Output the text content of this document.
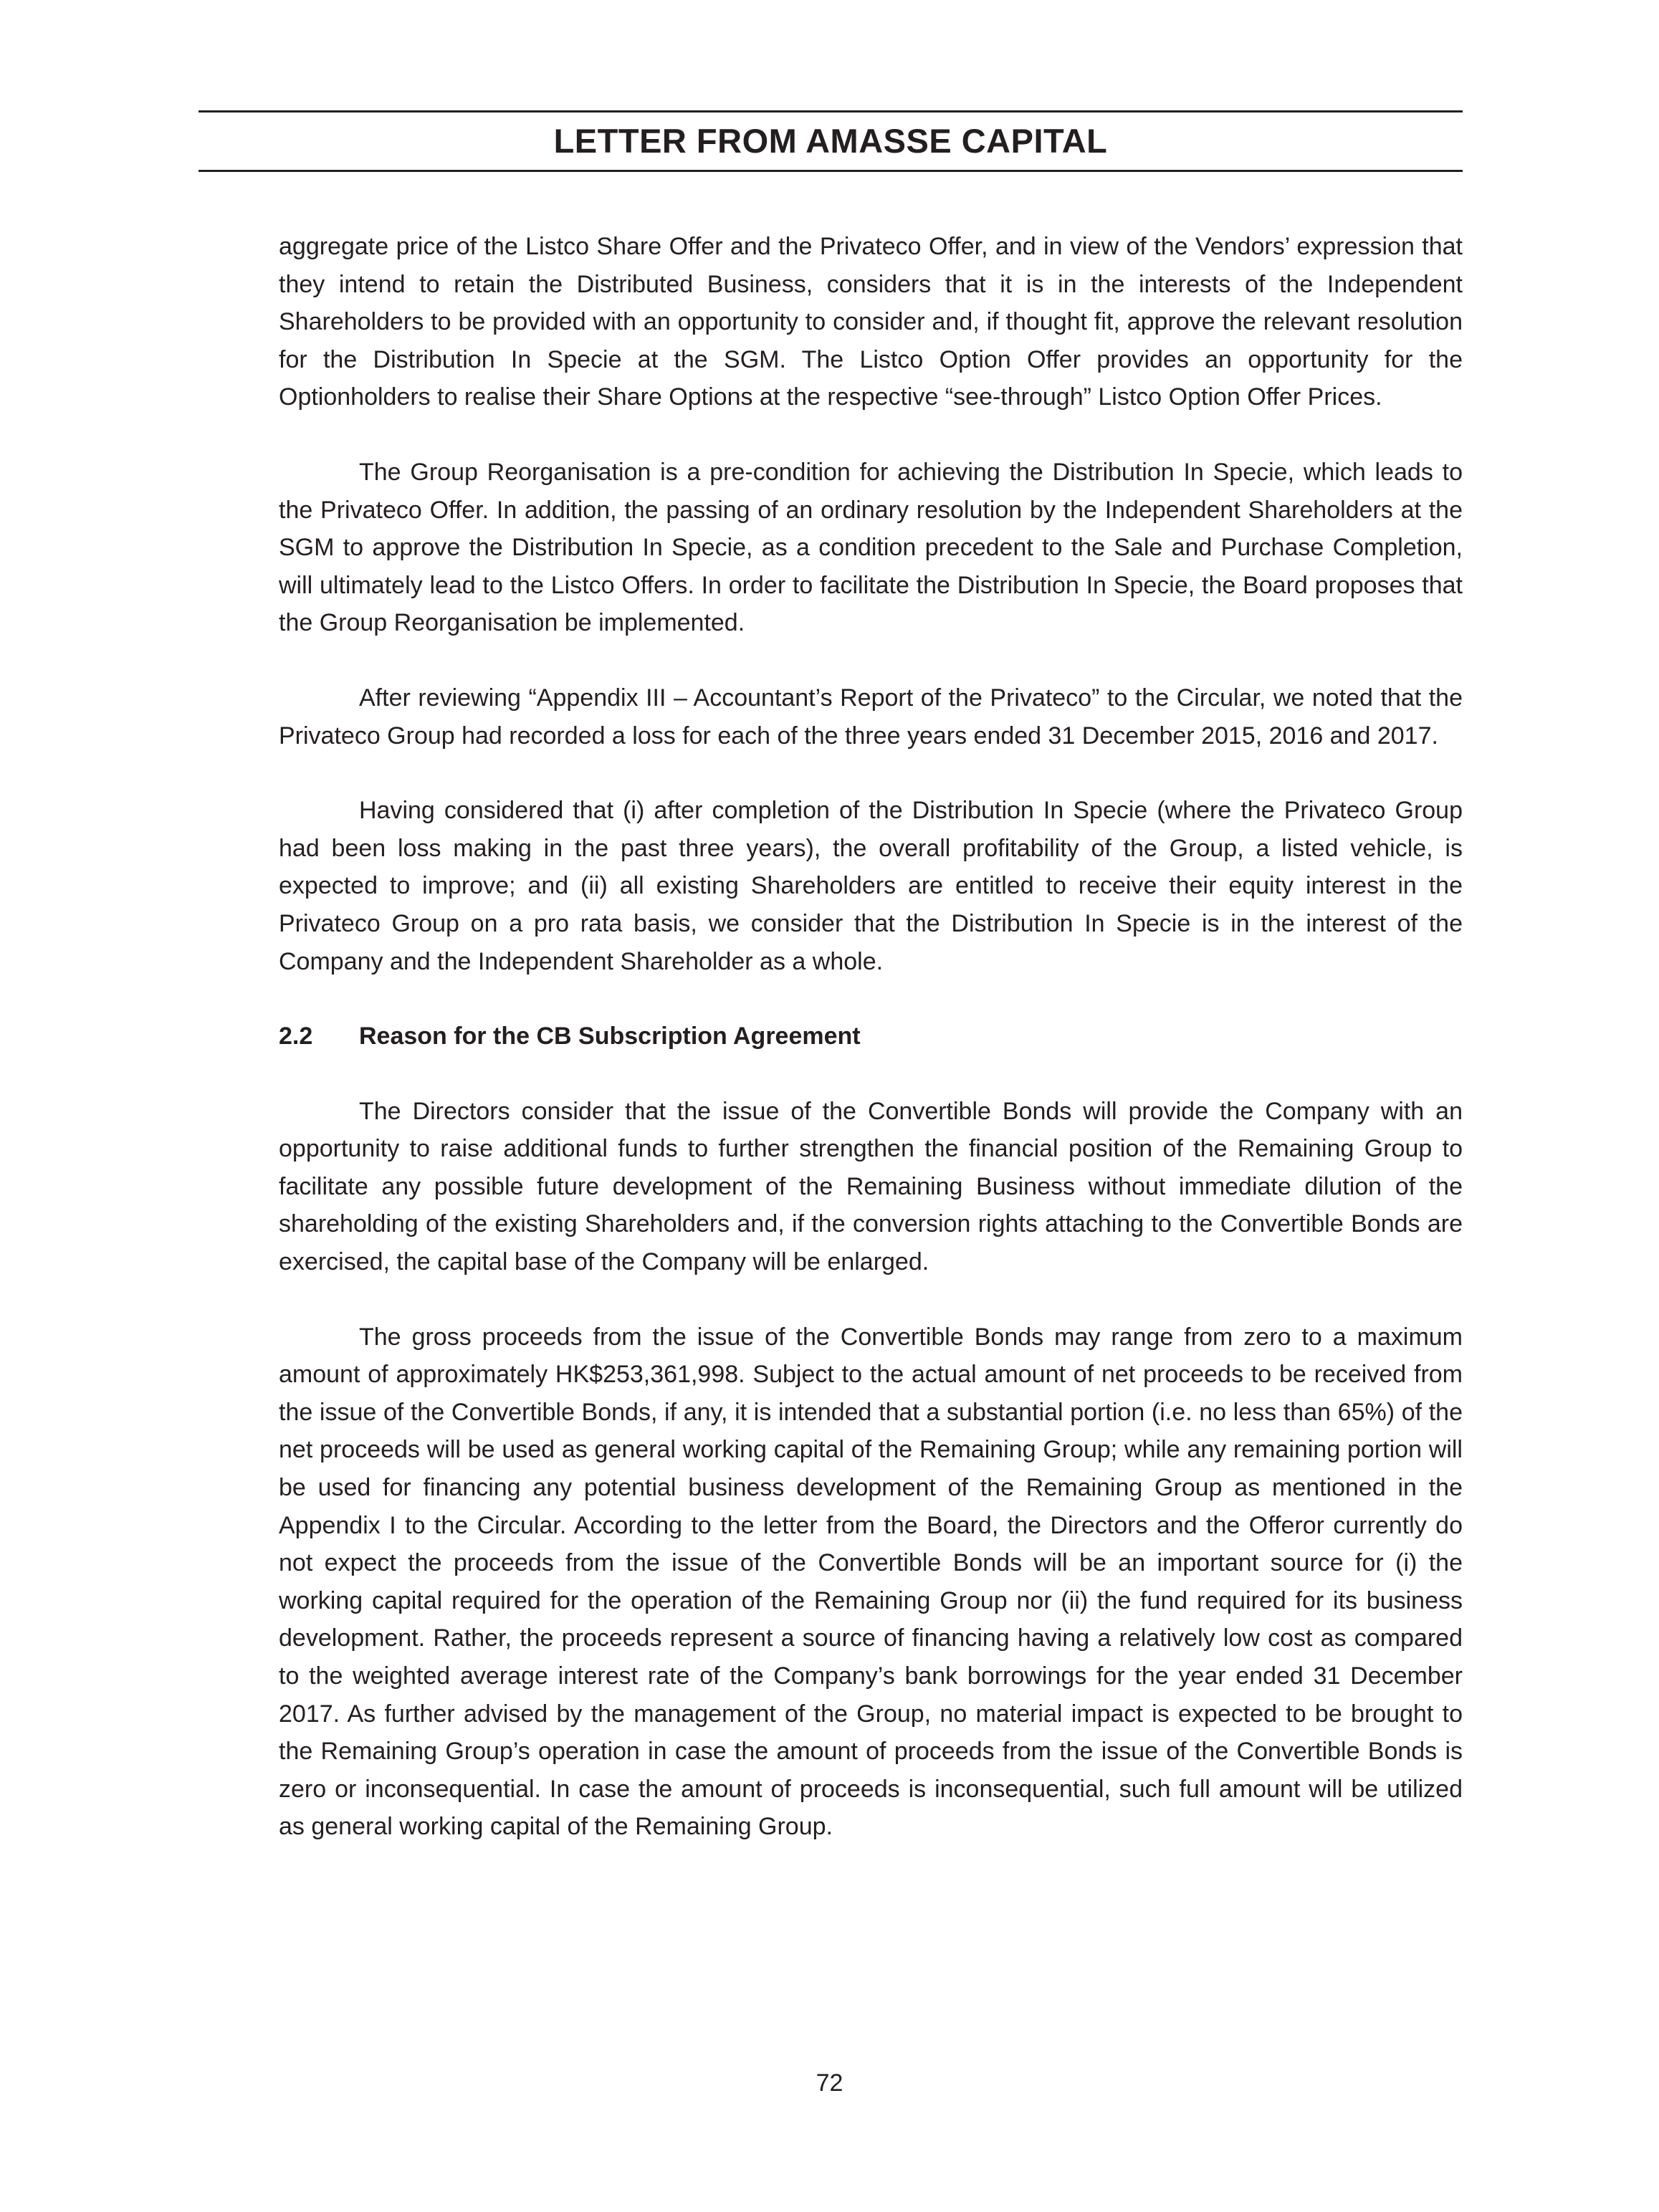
LETTER FROM AMASSE CAPITAL

aggregate price of the Listco Share Offer and the Privateco Offer, and in view of the Vendors’ expression that they intend to retain the Distributed Business, considers that it is in the interests of the Independent Shareholders to be provided with an opportunity to consider and, if thought fit, approve the relevant resolution for the Distribution In Specie at the SGM. The Listco Option Offer provides an opportunity for the Optionholders to realise their Share Options at the respective “see-through” Listco Option Offer Prices.

The Group Reorganisation is a pre-condition for achieving the Distribution In Specie, which leads to the Privateco Offer. In addition, the passing of an ordinary resolution by the Independent Shareholders at the SGM to approve the Distribution In Specie, as a condition precedent to the Sale and Purchase Completion, will ultimately lead to the Listco Offers. In order to facilitate the Distribution In Specie, the Board proposes that the Group Reorganisation be implemented.

After reviewing “Appendix III – Accountant’s Report of the Privateco” to the Circular, we noted that the Privateco Group had recorded a loss for each of the three years ended 31 December 2015, 2016 and 2017.

Having considered that (i) after completion of the Distribution In Specie (where the Privateco Group had been loss making in the past three years), the overall profitability of the Group, a listed vehicle, is expected to improve; and (ii) all existing Shareholders are entitled to receive their equity interest in the Privateco Group on a pro rata basis, we consider that the Distribution In Specie is in the interest of the Company and the Independent Shareholder as a whole.

2.2	Reason for the CB Subscription Agreement

The Directors consider that the issue of the Convertible Bonds will provide the Company with an opportunity to raise additional funds to further strengthen the financial position of the Remaining Group to facilitate any possible future development of the Remaining Business without immediate dilution of the shareholding of the existing Shareholders and, if the conversion rights attaching to the Convertible Bonds are exercised, the capital base of the Company will be enlarged.

The gross proceeds from the issue of the Convertible Bonds may range from zero to a maximum amount of approximately HK$253,361,998. Subject to the actual amount of net proceeds to be received from the issue of the Convertible Bonds, if any, it is intended that a substantial portion (i.e. no less than 65%) of the net proceeds will be used as general working capital of the Remaining Group; while any remaining portion will be used for financing any potential business development of the Remaining Group as mentioned in the Appendix I to the Circular. According to the letter from the Board, the Directors and the Offeror currently do not expect the proceeds from the issue of the Convertible Bonds will be an important source for (i) the working capital required for the operation of the Remaining Group nor (ii) the fund required for its business development. Rather, the proceeds represent a source of financing having a relatively low cost as compared to the weighted average interest rate of the Company’s bank borrowings for the year ended 31 December 2017. As further advised by the management of the Group, no material impact is expected to be brought to the Remaining Group’s operation in case the amount of proceeds from the issue of the Convertible Bonds is zero or inconsequential. In case the amount of proceeds is inconsequential, such full amount will be utilized as general working capital of the Remaining Group.

72
